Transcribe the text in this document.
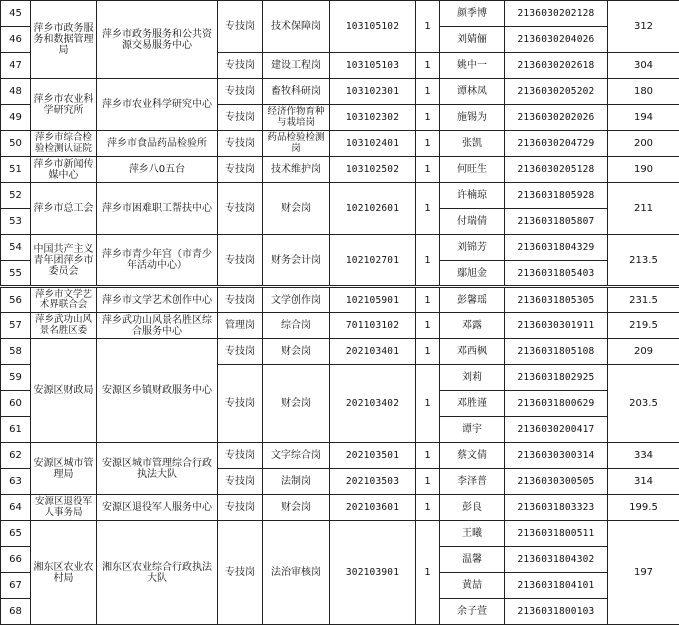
45	萍乡市政务服务和数据管理局	萍乡市政务服务和公共资源交易服务中心	专技岗	技术保障岗	103105102	1	颜季博	2136030202128	312
46							刘婧俪	2136030204026	
47			专技岗	建设工程岗	103105103	1	姚中一	2136030202618	304
48	萍乡市农业科学研究所	萍乡市农业科学研究中心	专技岗	畜牧科研岗	103102301	1	谭林凤	2136030205202	180
49			专技岗	经济作物育种与栽培岗	103102302	1	施锡为	2136030202026	194
50	萍乡市综合检验检测认证院	萍乡市食品药品检验所	专技岗	药品检验检测岗	103102401	1	张凯	2136030204729	200
51	萍乡市新闻传媒中心	萍乡八0五台	专技岗	技术维护岗	103102502	1	何旺生	2136030205128	190
52	萍乡市总工会	萍乡市困难职工帮扶中心	专技岗	财会岗	102102601	1	许楠琼	2136031805928	211
53							付瑞倩	2136031805807	
54	中国共产主义青年团萍乡市委员会	萍乡市青少年宫（市青少年活动中心）	专技岗	财务会计岗	102102701	1	刘锦芳	2136031804329	213.5
55							鄢旭金	2136031805403	
56	萍乡市文学艺术界联合会	萍乡市文学艺术创作中心	专技岗	文学创作岗	102105901	1	彭馨瑶	2136031805305	231.5
57	萍乡武功山风景名胜区委	萍乡武功山风景名胜区综合服务中心	管理岗	综合岗	701103102	1	邓露	2136030301911	219.5
58	安源区财政局	安源区乡镇财政服务中心	专技岗	财会岗	202103401	1	邓西枫	2136031805108	209
59			专技岗	财会岗	202103402	1	刘莉	2136031802925	203.5
60							邓胜谨	2136031800629	
61							谭宇	2136030200417	
62	安源区城市管理局	安源区城市管理综合行政执法大队	专技岗	文字综合岗	202103501	1	蔡文倩	2136030300314	334
63			专技岗	法制岗	202103503	1	李泽普	2136030300505	314
64	安源区退役军人事务局	安源区退役军人服务中心	专技岗	财会岗	202103601	1	彭良	2136031803323	199.5
65	湘东区农业农村局	湘东区农业综合行政执法大队	专技岗	法治审核岗	302103901	1	王曦	2136031800511	197
66							温馨	2136031804302	
67							黄喆	2136031804101	
68							余子萱	2136031800103	
